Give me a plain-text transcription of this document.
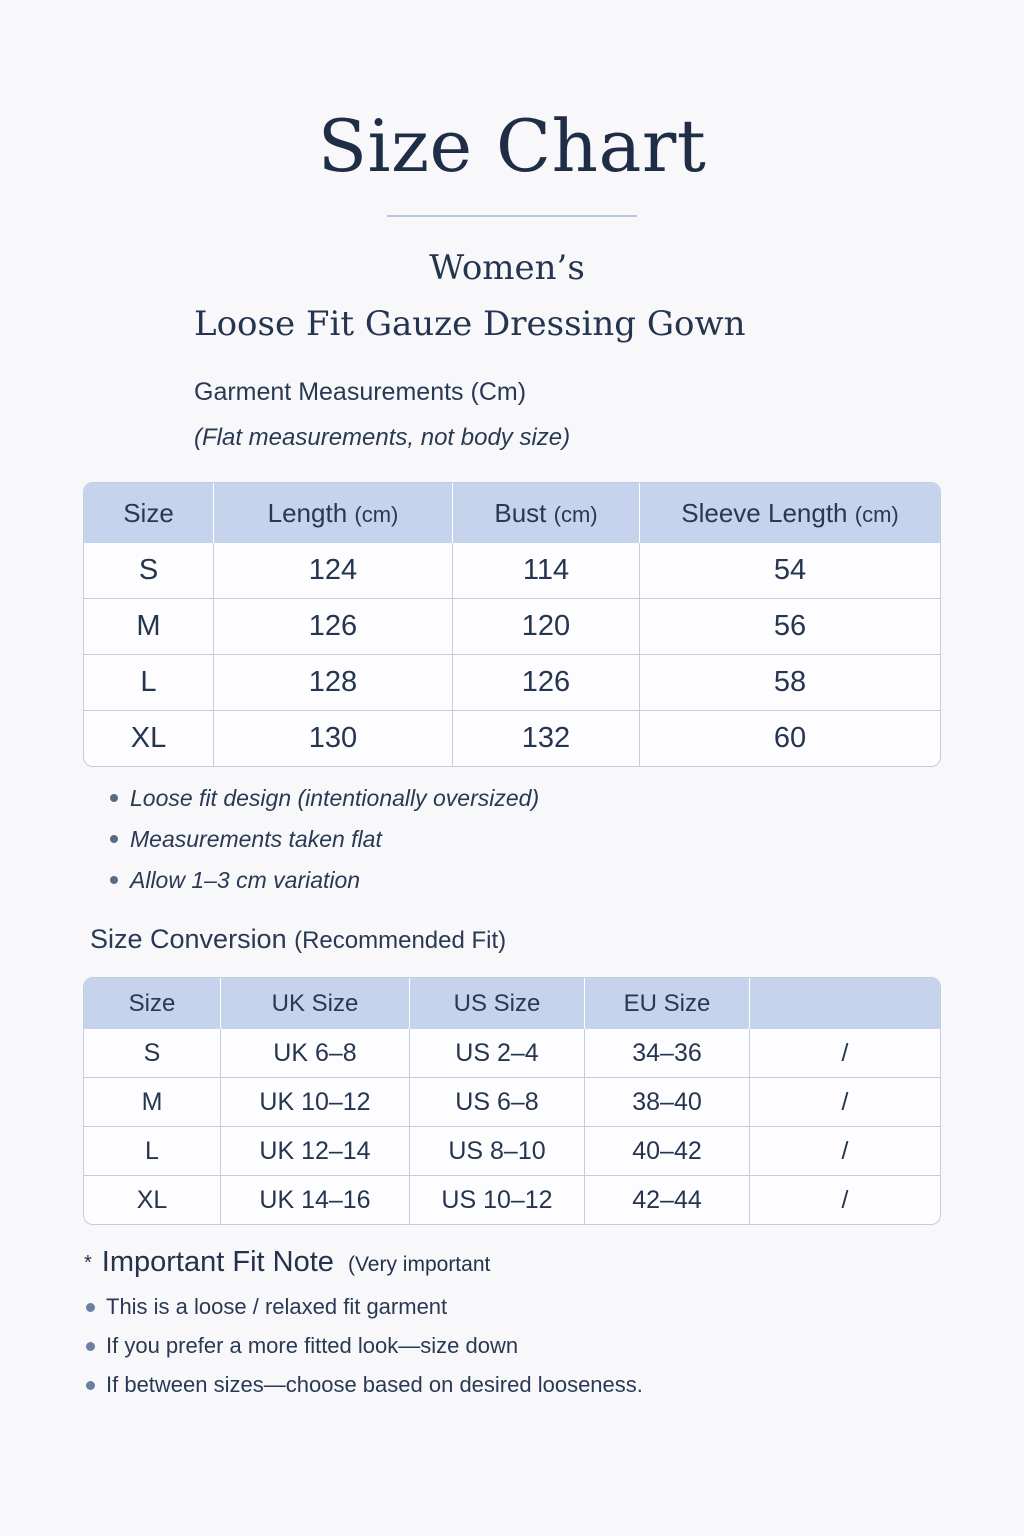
Size Chart
Women’s
Loose Fit Gauze Dressing Gown
Garment Measurements (Cm)
(Flat measurements, not body size)
Size	Length (cm)	Bust (cm)	Sleeve Length (cm)
S	124	114	54
M	126	120	56
L	128	126	58
XL	130	132	60
Loose fit design (intentionally oversized)
Measurements taken flat
Allow 1–3 cm variation
Size Conversion (Recommended Fit)
Size	UK Size	US Size	EU Size	
S	UK 6–8	US 2–4	34–36	/
M	UK 10–12	US 6–8	38–40	/
L	UK 12–14	US 8–10	40–42	/
XL	UK 14–16	US 10–12	42–44	/
* Important Fit Note (Very important
This is a loose / relaxed fit garment
If you prefer a more fitted look—size down
If between sizes—choose based on desired looseness.
